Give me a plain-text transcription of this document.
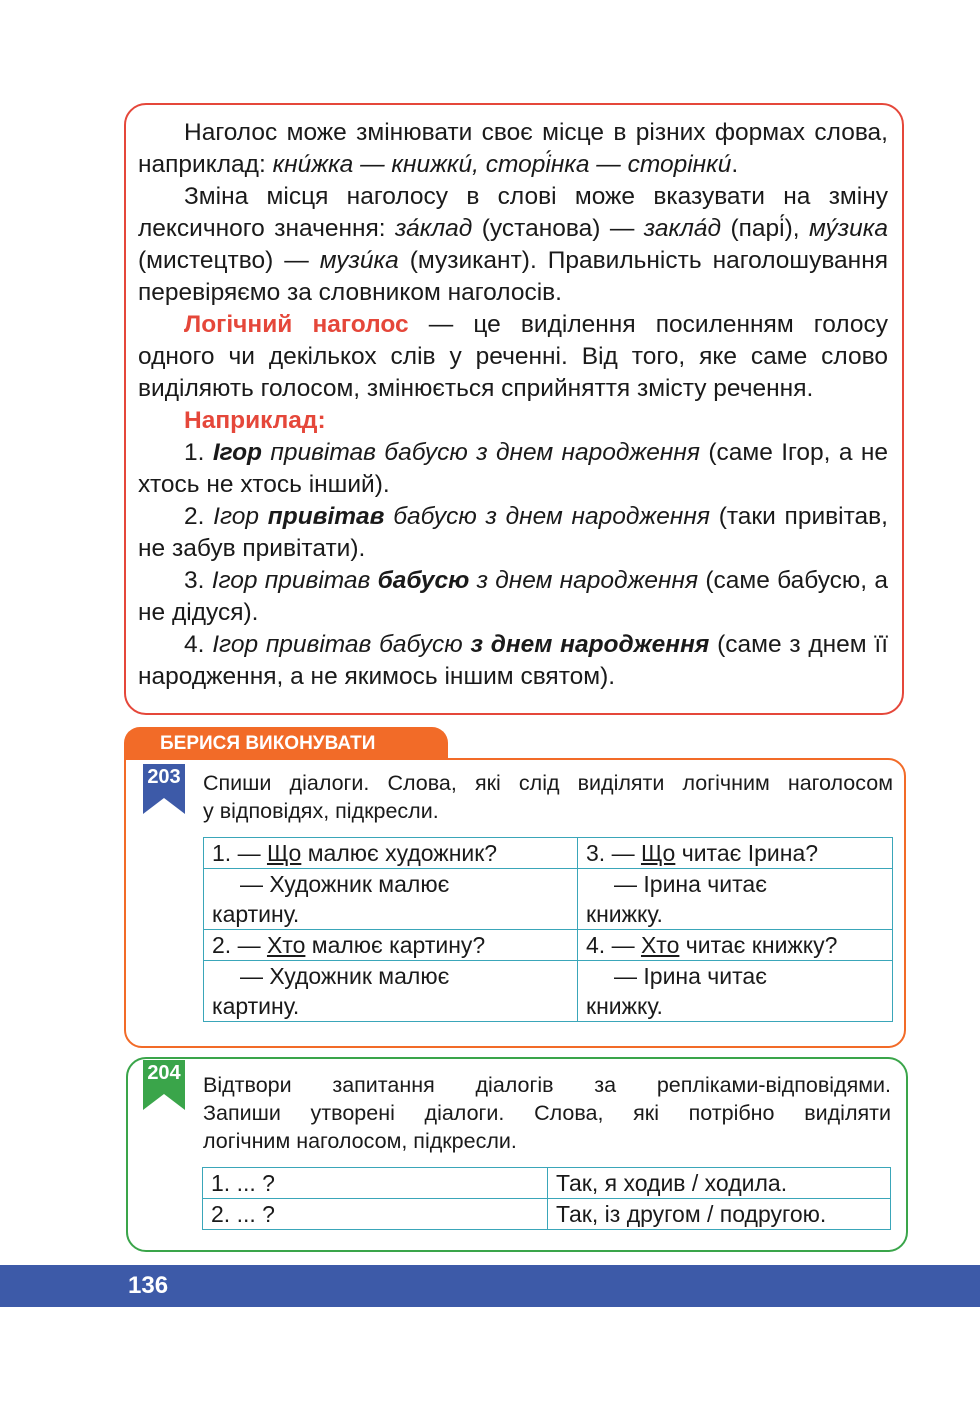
Наголос може змінювати своє місце в різних формах слова, наприклад: кни́жка — книжки́, сторі́нка — сторінки́.

Зміна місця наголосу в слові може вказувати на зміну лексичного значення: за́клад (установа) — закла́д (парі́), му́зика (мистецтво) — музи́ка (музикант). Правильність наголошування перевіряємо за словником наголосів.

Логічний наголос — це виділення посиленням голосу одного чи декількох слів у реченні. Від того, яке саме слово виділяють голосом, змінюється сприйняття змісту речення.

Наприклад:

1. Ігор привітав бабусю з днем народження (саме Ігор, а не хтось не хтось інший).

2. Ігор привітав бабусю з днем народження (таки привітав, не забув привітати).

3. Ігор привітав бабусю з днем народження (саме бабусю, а не дідуся).

4. Ігор привітав бабусю з днем народження (саме з днем її народження, а не якимось іншим святом).

БЕРИСЯ ВИКОНУВАТИ
203 Спиши діалоги. Слова, які слід виділяти логічним наголосом
у відповідях, підкресли.
1. — Що малює художник?	3. — Що читає Ірина?

— Художник малює картину.	— Ірина читає книжку.

2. — Хто малює картину?	4. — Хто читає книжку?

— Художник малює картину.	— Ірина читає книжку.
204 Відтвори запитання діалогів за репліками-відповідями.
Запиши утворені діалоги. Слова, які потрібно виділяти
логічним наголосом, підкресли.
1. ... ?	Так, я ходив / ходила.
2. ... ?	Так, із другом / подругою.
136
